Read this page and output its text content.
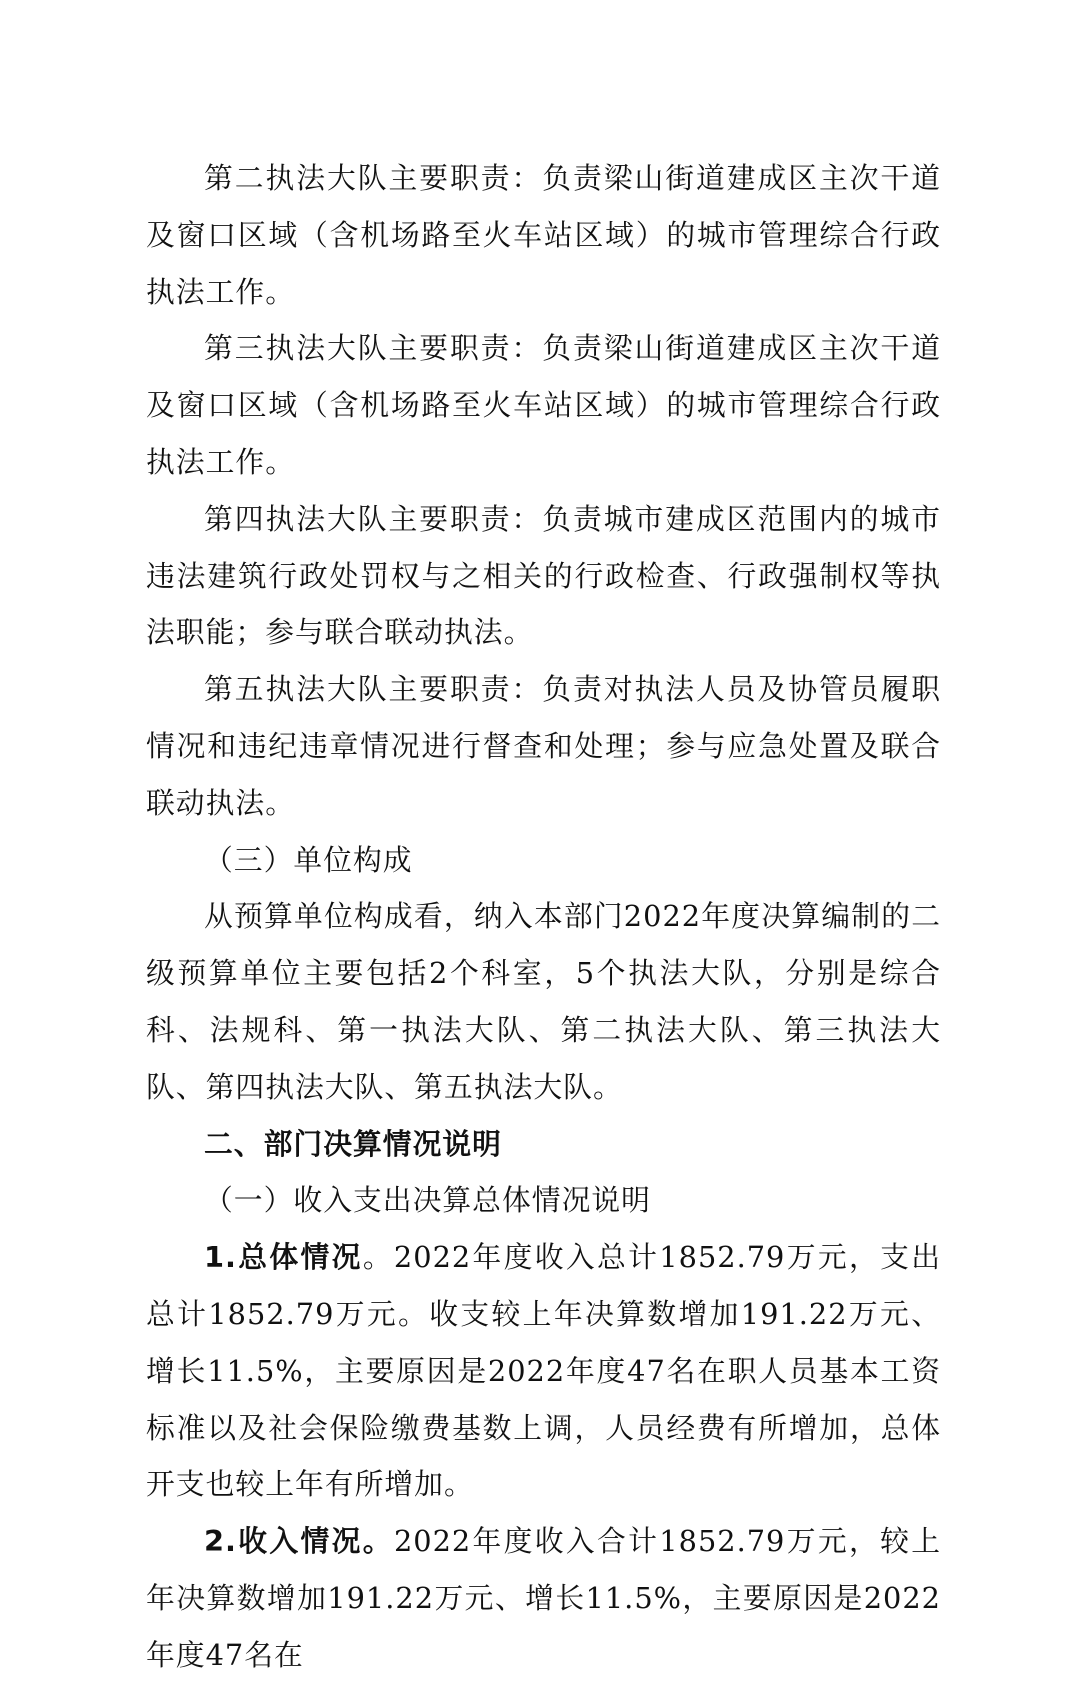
第二执法大队主要职责：负责梁山街道建成区主次干道及窗口区域（含机场路至火车站区域）的城市管理综合行政执法工作。

第三执法大队主要职责：负责梁山街道建成区主次干道及窗口区域（含机场路至火车站区域）的城市管理综合行政执法工作。

第四执法大队主要职责：负责城市建成区范围内的城市违法建筑行政处罚权与之相关的行政检查、行政强制权等执法职能；参与联合联动执法。

第五执法大队主要职责：负责对执法人员及协管员履职情况和违纪违章情况进行督查和处理；参与应急处置及联合联动执法。

（三）单位构成

从预算单位构成看，纳入本部门2022年度决算编制的二级预算单位主要包括2个科室，5个执法大队，分别是综合科、法规科、第一执法大队、第二执法大队、第三执法大队、第四执法大队、第五执法大队。

二、部门决算情况说明

（一）收入支出决算总体情况说明

1.总体情况。2022年度收入总计1852.79万元，支出总计1852.79万元。收支较上年决算数增加191.22万元、增长11.5%，主要原因是2022年度47名在职人员基本工资标准以及社会保险缴费基数上调，人员经费有所增加，总体开支也较上年有所增加。

2.收入情况。2022年度收入合计1852.79万元，较上年决算数增加191.22万元、增长11.5%，主要原因是2022年度47名在
